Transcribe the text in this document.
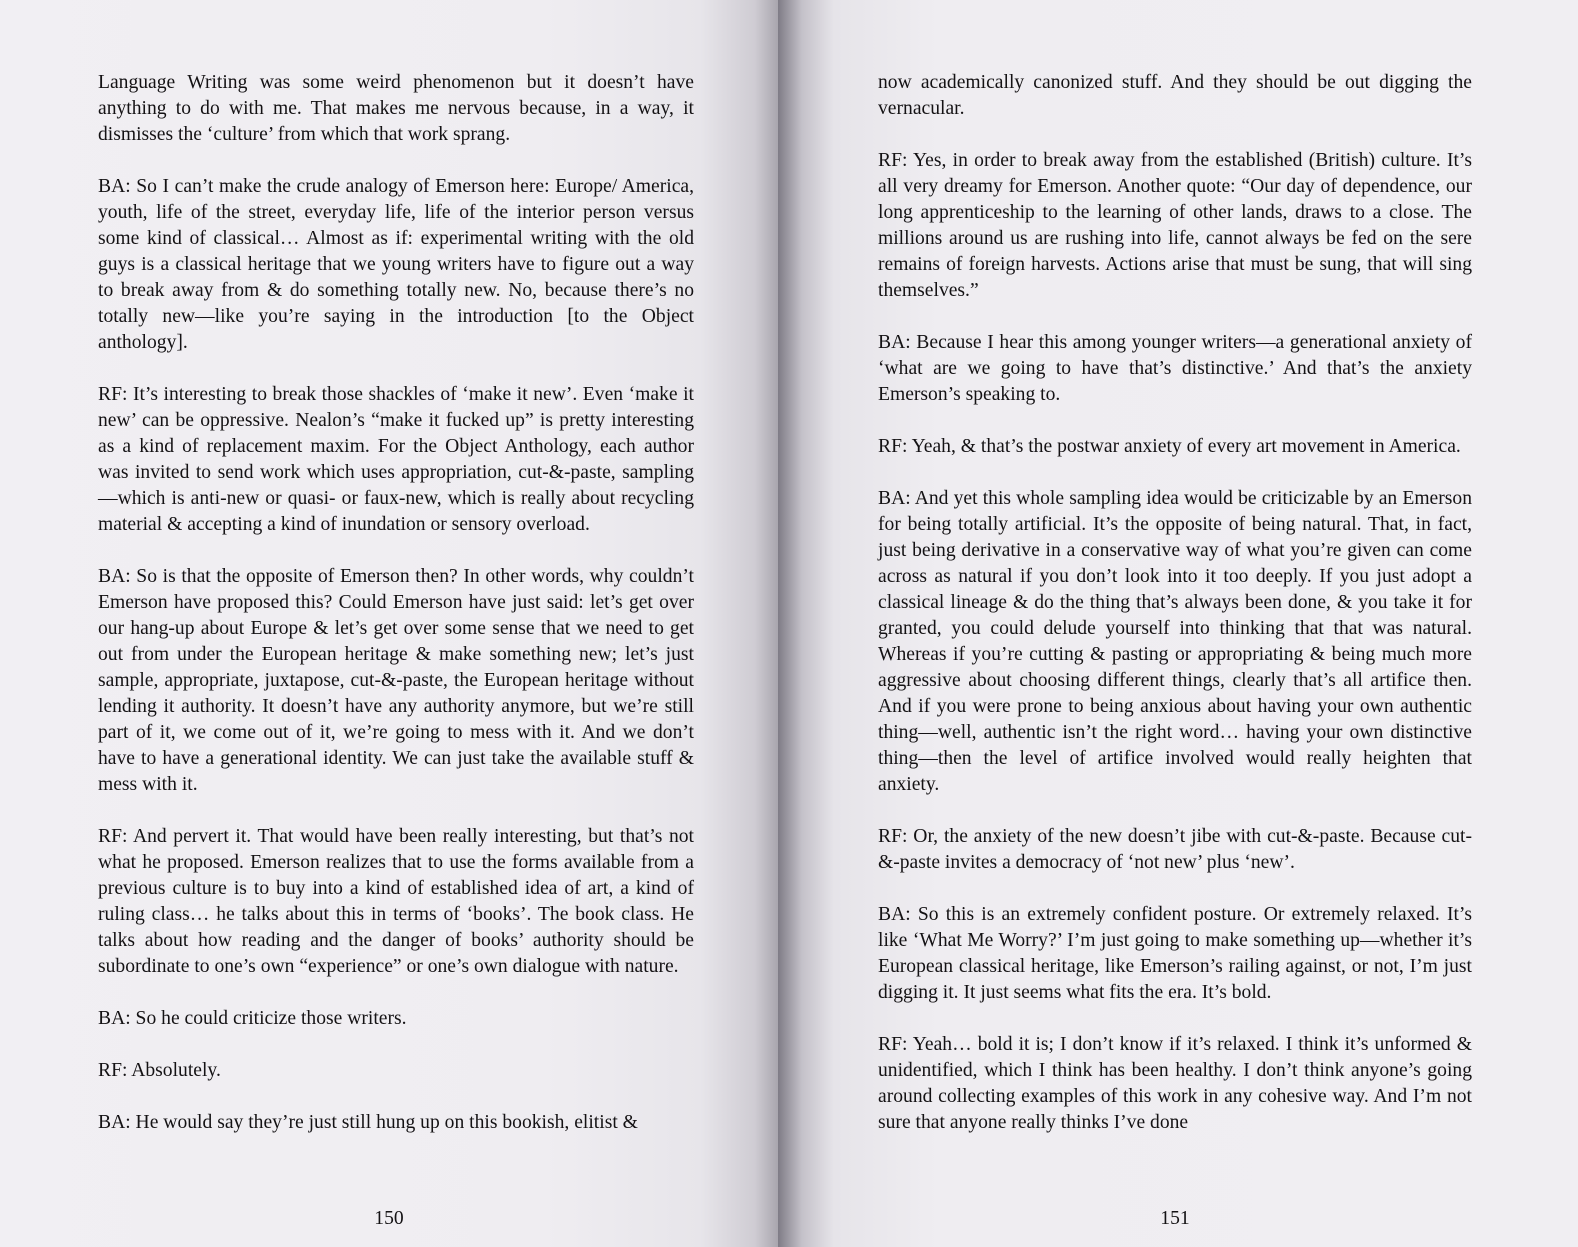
Language Writing was some weird phenomenon but it doesn’t have anything to do with me. That makes me nervous because, in a way, it dismisses the ‘culture’ from which that work sprang.

BA: So I can’t make the crude analogy of Emerson here: Europe/ America, youth, life of the street, everyday life, life of the interior person versus some kind of classical… Almost as if: experimental writing with the old guys is a classical heritage that we young writers have to figure out a way to break away from & do something totally new. No, because there’s no totally new—like you’re saying in the introduction [to the Object anthology].

RF: It’s interesting to break those shackles of ‘make it new’. Even ‘make it new’ can be oppressive. Nealon’s “make it fucked up” is pretty interesting as a kind of replacement maxim. For the Object Anthology, each author was invited to send work which uses appropriation, cut-&-paste, sampling—which is anti-new or quasi- or faux-new, which is really about recycling material & accepting a kind of inundation or sensory overload.

BA: So is that the opposite of Emerson then? In other words, why couldn’t Emerson have proposed this? Could Emerson have just said: let’s get over our hang-up about Europe & let’s get over some sense that we need to get out from under the European heritage & make something new; let’s just sample, appropriate, juxtapose, cut-&-paste, the European heritage without lending it authority. It doesn’t have any authority anymore, but we’re still part of it, we come out of it, we’re going to mess with it. And we don’t have to have a generational identity. We can just take the available stuff & mess with it.

RF: And pervert it. That would have been really interesting, but that’s not what he proposed. Emerson realizes that to use the forms available from a previous culture is to buy into a kind of established idea of art, a kind of ruling class… he talks about this in terms of ‘books’. The book class. He talks about how reading and the danger of books’ authority should be subordinate to one’s own “experience” or one’s own dialogue with nature.

BA: So he could criticize those writers.

RF: Absolutely.

BA: He would say they’re just still hung up on this bookish, elitist &

150

now academically canonized stuff. And they should be out digging the vernacular.

RF: Yes, in order to break away from the established (British) culture. It’s all very dreamy for Emerson. Another quote: “Our day of dependence, our long apprenticeship to the learning of other lands, draws to a close. The millions around us are rushing into life, cannot always be fed on the sere remains of foreign harvests. Actions arise that must be sung, that will sing themselves.”

BA: Because I hear this among younger writers—a generational anxiety of ‘what are we going to have that’s distinctive.’ And that’s the anxiety Emerson’s speaking to.

RF: Yeah, & that’s the postwar anxiety of every art movement in America.

BA: And yet this whole sampling idea would be criticizable by an Emerson for being totally artificial. It’s the opposite of being natural. That, in fact, just being derivative in a conservative way of what you’re given can come across as natural if you don’t look into it too deeply. If you just adopt a classical lineage & do the thing that’s always been done, & you take it for granted, you could delude yourself into thinking that that was natural. Whereas if you’re cutting & pasting or appropriating & being much more aggressive about choosing different things, clearly that’s all artifice then. And if you were prone to being anxious about having your own authentic thing—well, authentic isn’t the right word… having your own distinctive thing—then the level of artifice involved would really heighten that anxiety.

RF: Or, the anxiety of the new doesn’t jibe with cut-&-paste. Because cut-&-paste invites a democracy of ‘not new’ plus ‘new’.

BA: So this is an extremely confident posture. Or extremely relaxed. It’s like ‘What Me Worry?’ I’m just going to make something up—whether it’s European classical heritage, like Emerson’s railing against, or not, I’m just digging it. It just seems what fits the era. It’s bold.

RF: Yeah… bold it is; I don’t know if it’s relaxed. I think it’s unformed & unidentified, which I think has been healthy. I don’t think anyone’s going around collecting examples of this work in any cohesive way. And I’m not sure that anyone really thinks I’ve done

151
